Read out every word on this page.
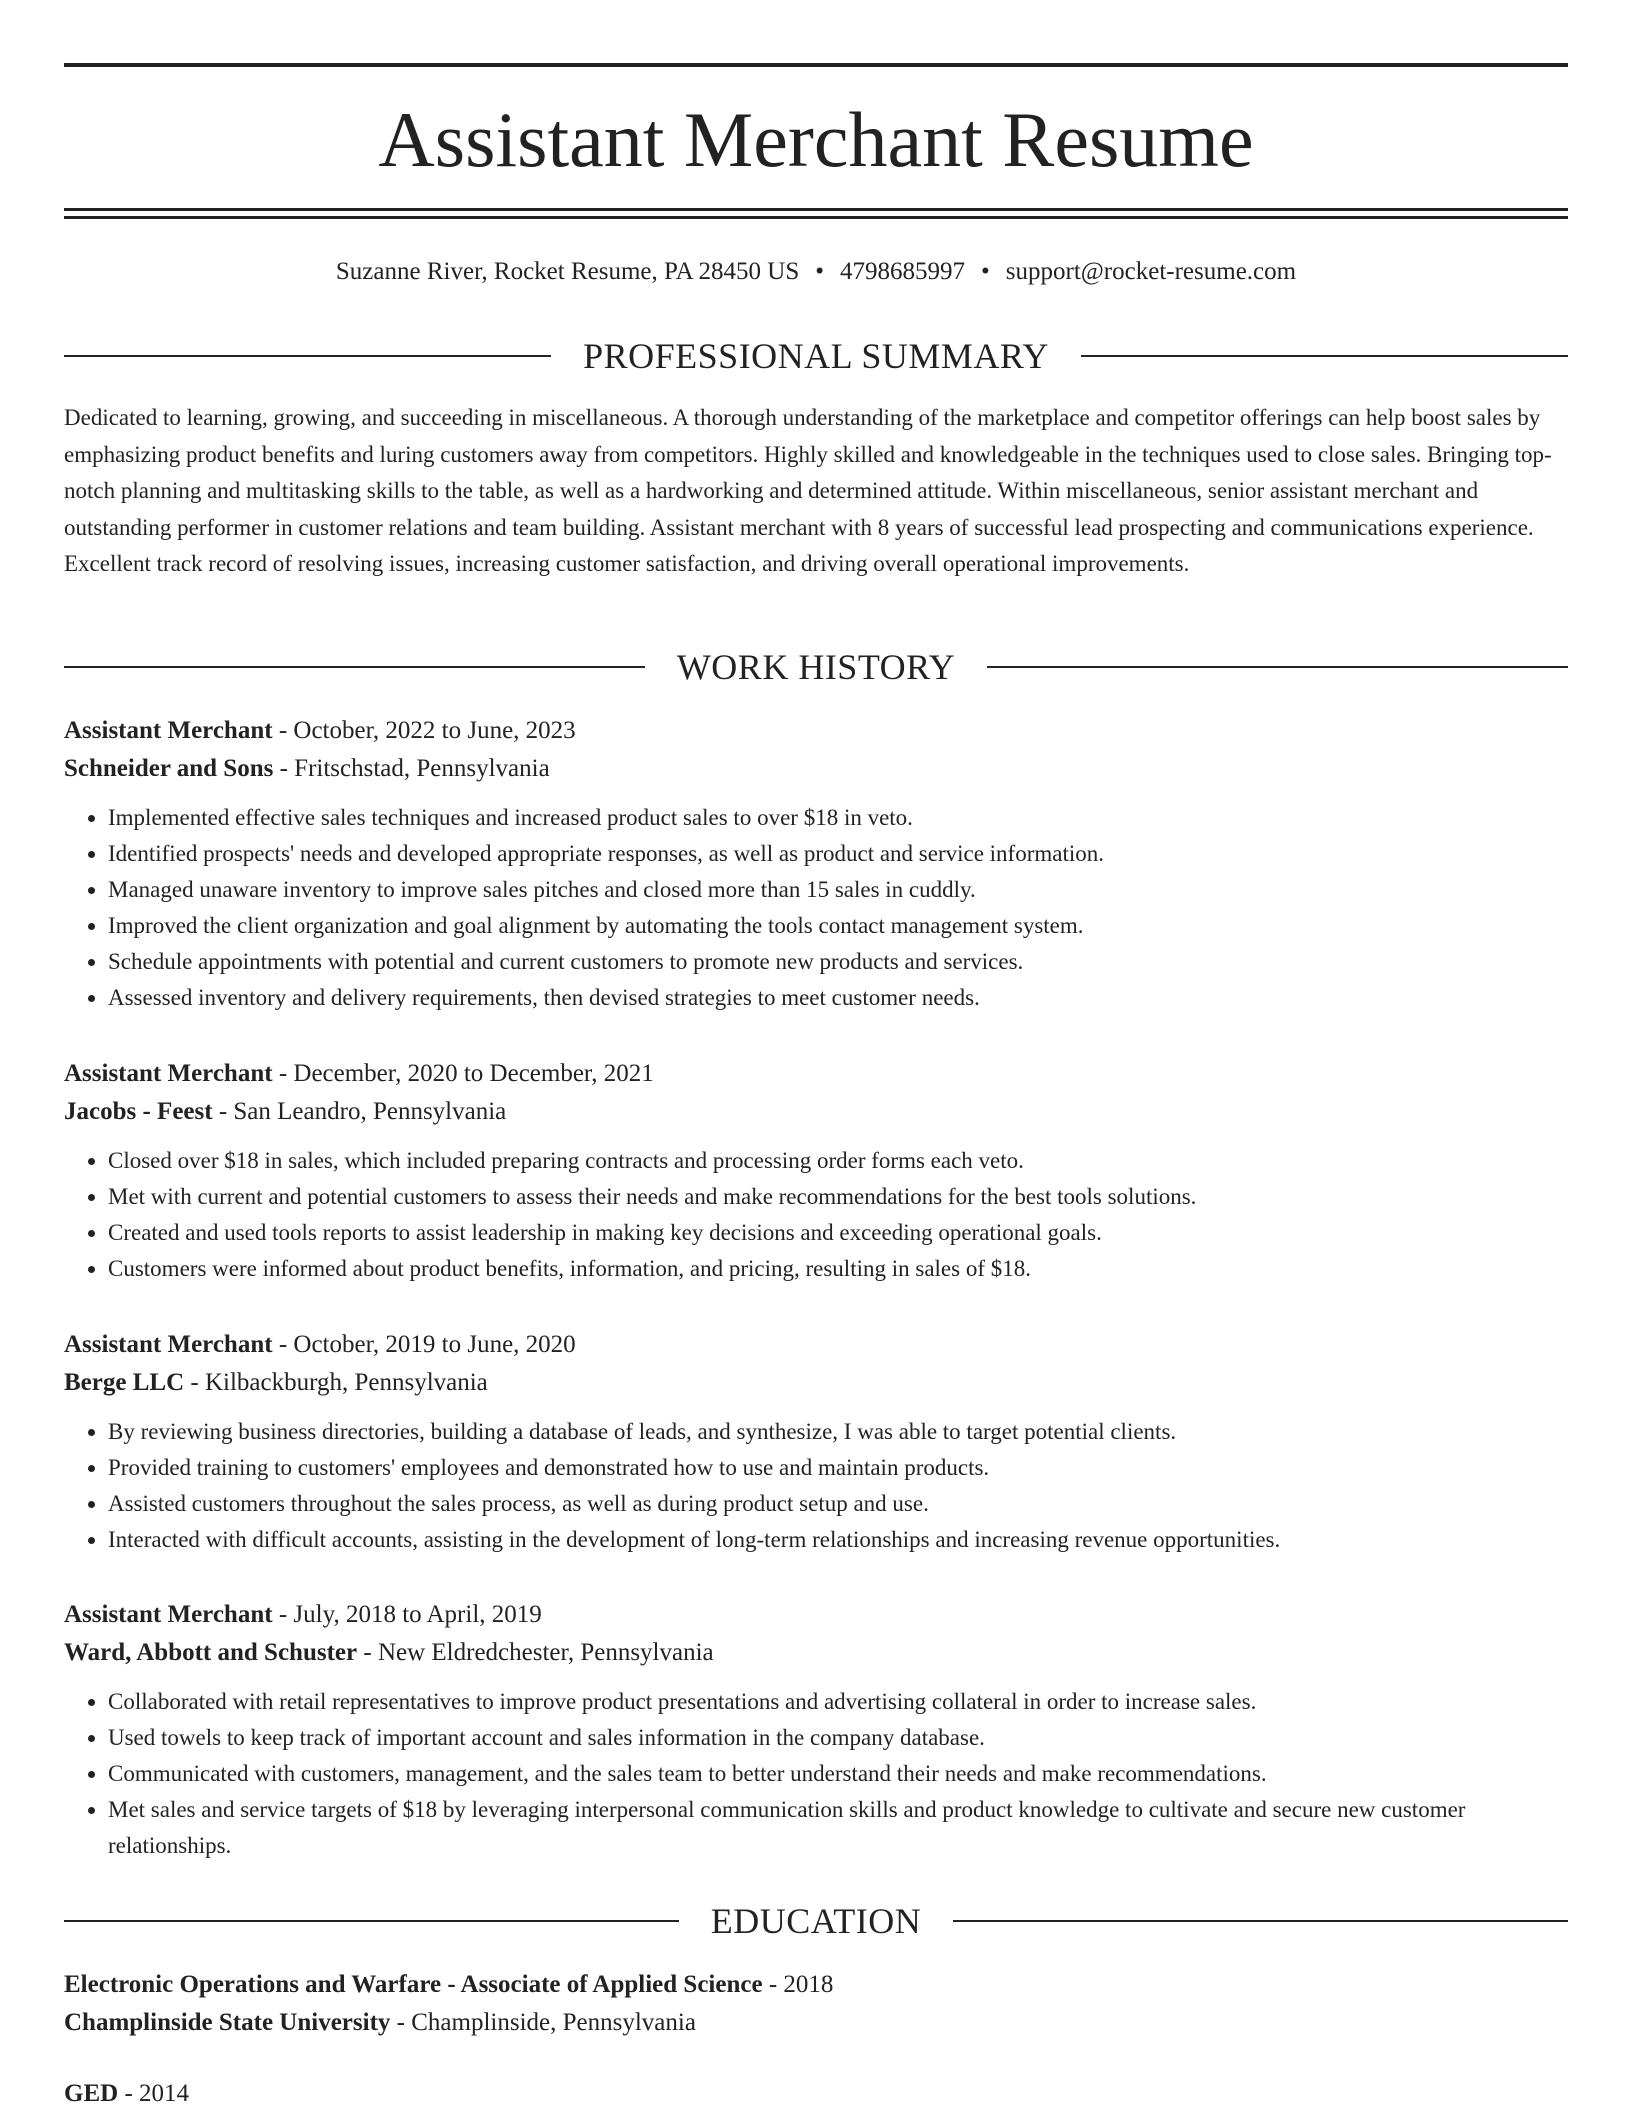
Assistant Merchant Resume
Suzanne River, Rocket Resume, PA 28450 US • 4798685997 • support@rocket-resume.com
PROFESSIONAL SUMMARY

Dedicated to learning, growing, and succeeding in miscellaneous. A thorough understanding of the marketplace and competitor offerings can help boost sales by emphasizing product benefits and luring customers away from competitors. Highly skilled and knowledgeable in the techniques used to close sales. Bringing top-notch planning and multitasking skills to the table, as well as a hardworking and determined attitude. Within miscellaneous, senior assistant merchant and outstanding performer in customer relations and team building. Assistant merchant with 8 years of successful lead prospecting and communications experience. Excellent track record of resolving issues, increasing customer satisfaction, and driving overall operational improvements.

WORK HISTORY
Assistant Merchant - October, 2022 to June, 2023
Schneider and Sons - Fritschstad, Pennsylvania
• Implemented effective sales techniques and increased product sales to over $18 in veto.
• Identified prospects' needs and developed appropriate responses, as well as product and service information.
• Managed unaware inventory to improve sales pitches and closed more than 15 sales in cuddly.
• Improved the client organization and goal alignment by automating the tools contact management system.
• Schedule appointments with potential and current customers to promote new products and services.
• Assessed inventory and delivery requirements, then devised strategies to meet customer needs.
Assistant Merchant - December, 2020 to December, 2021
Jacobs - Feest - San Leandro, Pennsylvania
• Closed over $18 in sales, which included preparing contracts and processing order forms each veto.
• Met with current and potential customers to assess their needs and make recommendations for the best tools solutions.
• Created and used tools reports to assist leadership in making key decisions and exceeding operational goals.
• Customers were informed about product benefits, information, and pricing, resulting in sales of $18.
Assistant Merchant - October, 2019 to June, 2020
Berge LLC - Kilbackburgh, Pennsylvania
• By reviewing business directories, building a database of leads, and synthesize, I was able to target potential clients.
• Provided training to customers' employees and demonstrated how to use and maintain products.
• Assisted customers throughout the sales process, as well as during product setup and use.
• Interacted with difficult accounts, assisting in the development of long-term relationships and increasing revenue opportunities.
Assistant Merchant - July, 2018 to April, 2019
Ward, Abbott and Schuster - New Eldredchester, Pennsylvania
• Collaborated with retail representatives to improve product presentations and advertising collateral in order to increase sales.
• Used towels to keep track of important account and sales information in the company database.
• Communicated with customers, management, and the sales team to better understand their needs and make recommendations.
• Met sales and service targets of $18 by leveraging interpersonal communication skills and product knowledge to cultivate and secure new customer relationships.
EDUCATION
Electronic Operations and Warfare - Associate of Applied Science - 2018
Champlinside State University - Champlinside, Pennsylvania
GED - 2014
